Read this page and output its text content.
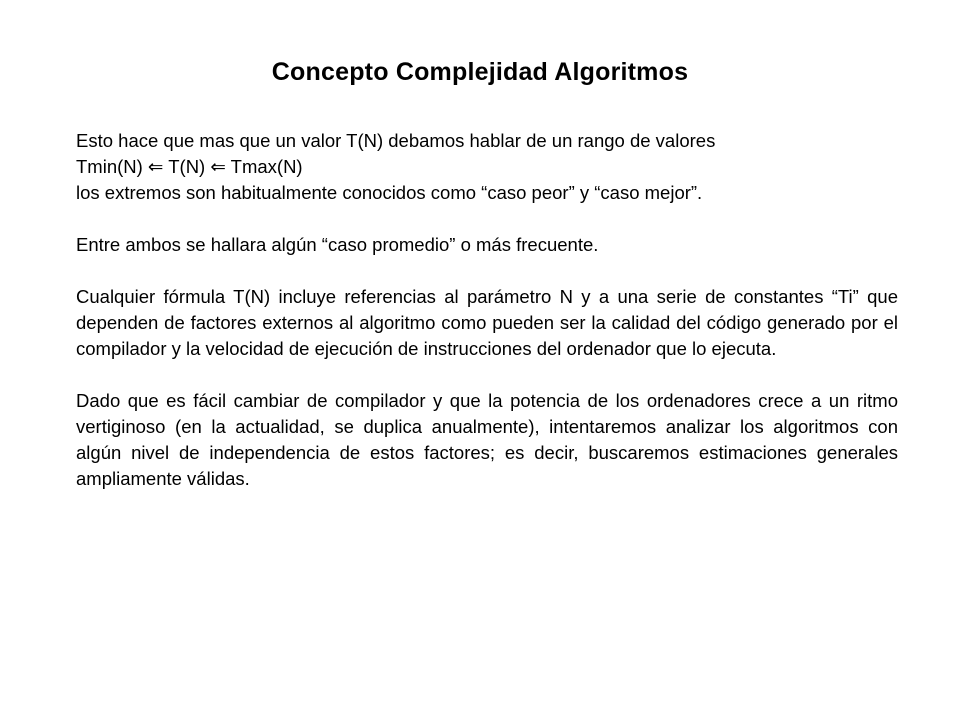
Concepto Complejidad Algoritmos

Esto hace que mas que un valor T(N) debamos hablar de un rango de valores

Tmin(N) ⇐ T(N) ⇐ Tmax(N)

los extremos son habitualmente conocidos como “caso peor” y “caso mejor”.

Entre ambos se hallara algún “caso promedio” o más frecuente.

Cualquier fórmula T(N) incluye referencias al parámetro N y a una serie de constantes “Ti” que dependen de factores externos al algoritmo como pueden ser la calidad del código generado por el compilador y la velocidad de ejecución de instrucciones del ordenador que lo ejecuta.

Dado que es fácil cambiar de compilador y que la potencia de los ordenadores crece a un ritmo vertiginoso (en la actualidad, se duplica anualmente), intentaremos analizar los algoritmos con algún nivel de independencia de estos factores; es decir, buscaremos estimaciones generales ampliamente válidas.
